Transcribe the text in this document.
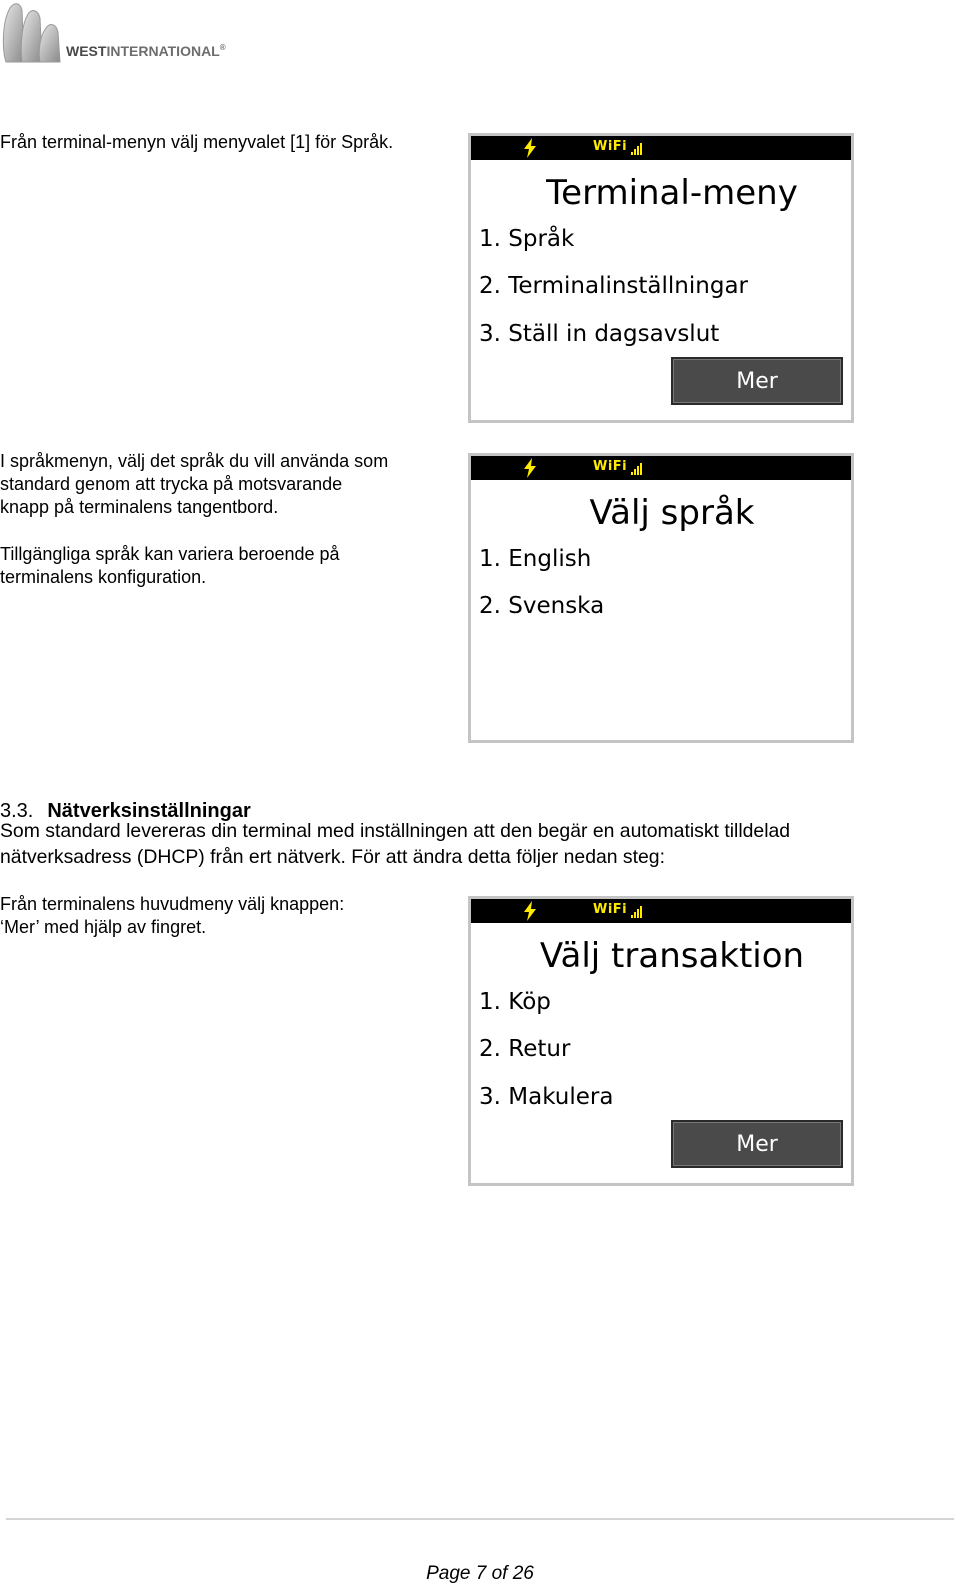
WESTINTERNATIONAL®
Från terminal-menyn välj menyvalet [1] för Språk.	WiFi
Terminal-meny
1. Språk
2. Terminalinställningar
3. Ställ in dagsavslut
Mer
I språkmenyn, välj det språk du vill använda som
standard genom att trycka på motsvarande
knapp på terminalens tangentbord.
Tillgängliga språk kan variera beroende på
terminalens konfiguration.
WiFi
Välj språk
1. English
2. Svenska
3.3. Nätverksinställningar
Som standard levereras din terminal med inställningen att den begär en automatiskt tilldelad
nätverksadress (DHCP) från ert nätverk. För att ändra detta följer nedan steg:
Från terminalens huvudmeny välj knappen:
‘Mer’ med hjälp av fingret.
WiFi
Välj transaktion
1. Köp
2. Retur
3. Makulera
Mer
Page 7 of 26
